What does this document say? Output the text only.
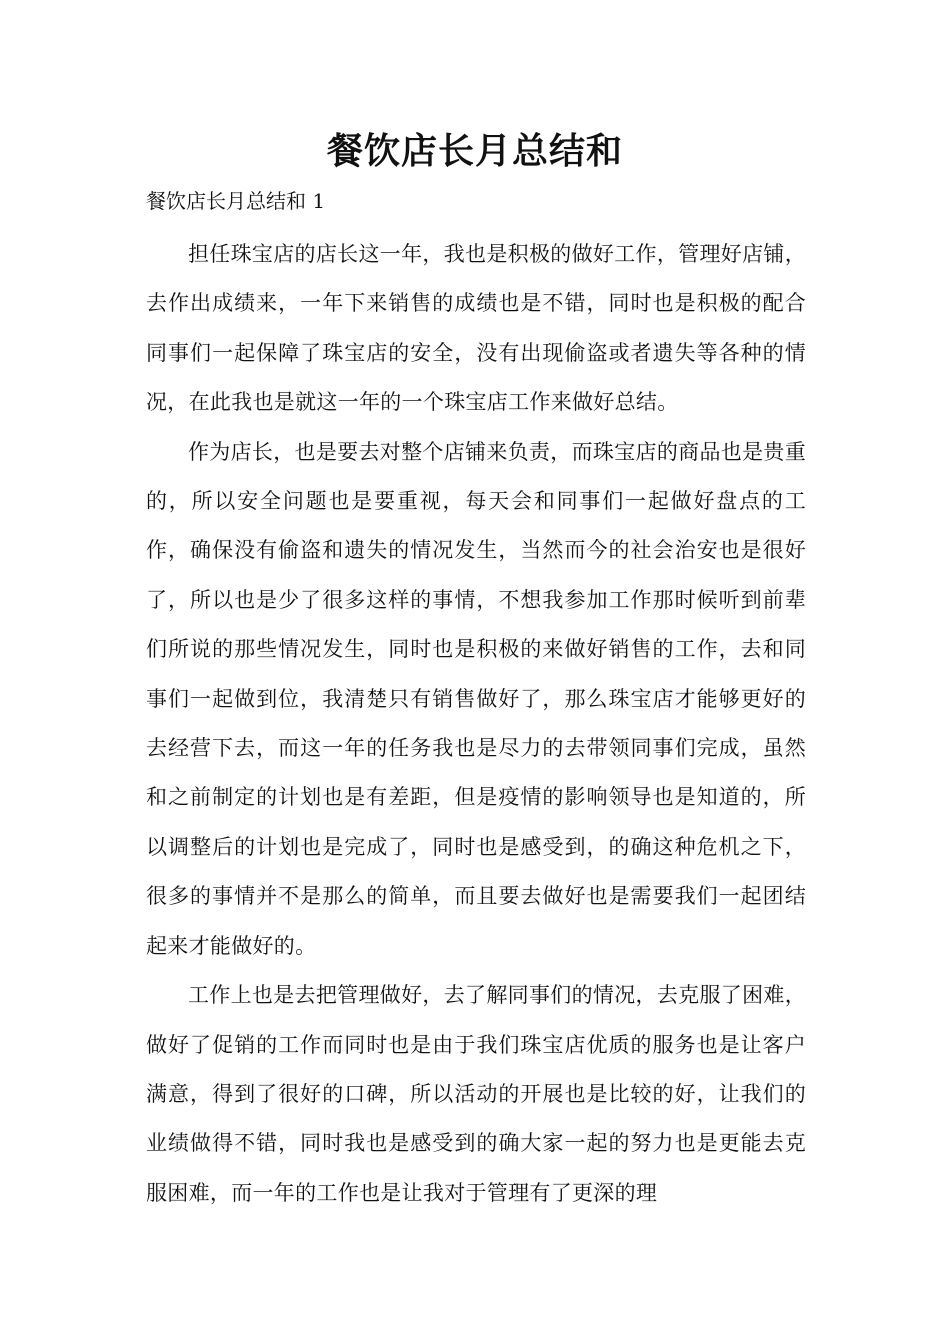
餐饮店长月总结和
餐饮店长月总结和 1

担任珠宝店的店长这一年，我也是积极的做好工作，管理好店铺，去作出成绩来，一年下来销售的成绩也是不错，同时也是积极的配合同事们一起保障了珠宝店的安全，没有出现偷盗或者遗失等各种的情况，在此我也是就这一年的一个珠宝店工作来做好总结。

作为店长，也是要去对整个店铺来负责，而珠宝店的商品也是贵重的，所以安全问题也是要重视，每天会和同事们一起做好盘点的工作，确保没有偷盗和遗失的情况发生，当然而今的社会治安也是很好了，所以也是少了很多这样的事情，不想我参加工作那时候听到前辈们所说的那些情况发生，同时也是积极的来做好销售的工作，去和同事们一起做到位，我清楚只有销售做好了，那么珠宝店才能够更好的去经营下去，而这一年的任务我也是尽力的去带领同事们完成，虽然和之前制定的计划也是有差距，但是疫情的影响领导也是知道的，所以调整后的计划也是完成了，同时也是感受到，的确这种危机之下，很多的事情并不是那么的简单，而且要去做好也是需要我们一起团结起来才能做好的。

工作上也是去把管理做好，去了解同事们的情况，去克服了困难，做好了促销的工作而同时也是由于我们珠宝店优质的服务也是让客户满意，得到了很好的口碑，所以活动的开展也是比较的好，让我们的业绩做得不错，同时我也是感受到的确大家一起的努力也是更能去克服困难，而一年的工作也是让我对于管理有了更深的理
